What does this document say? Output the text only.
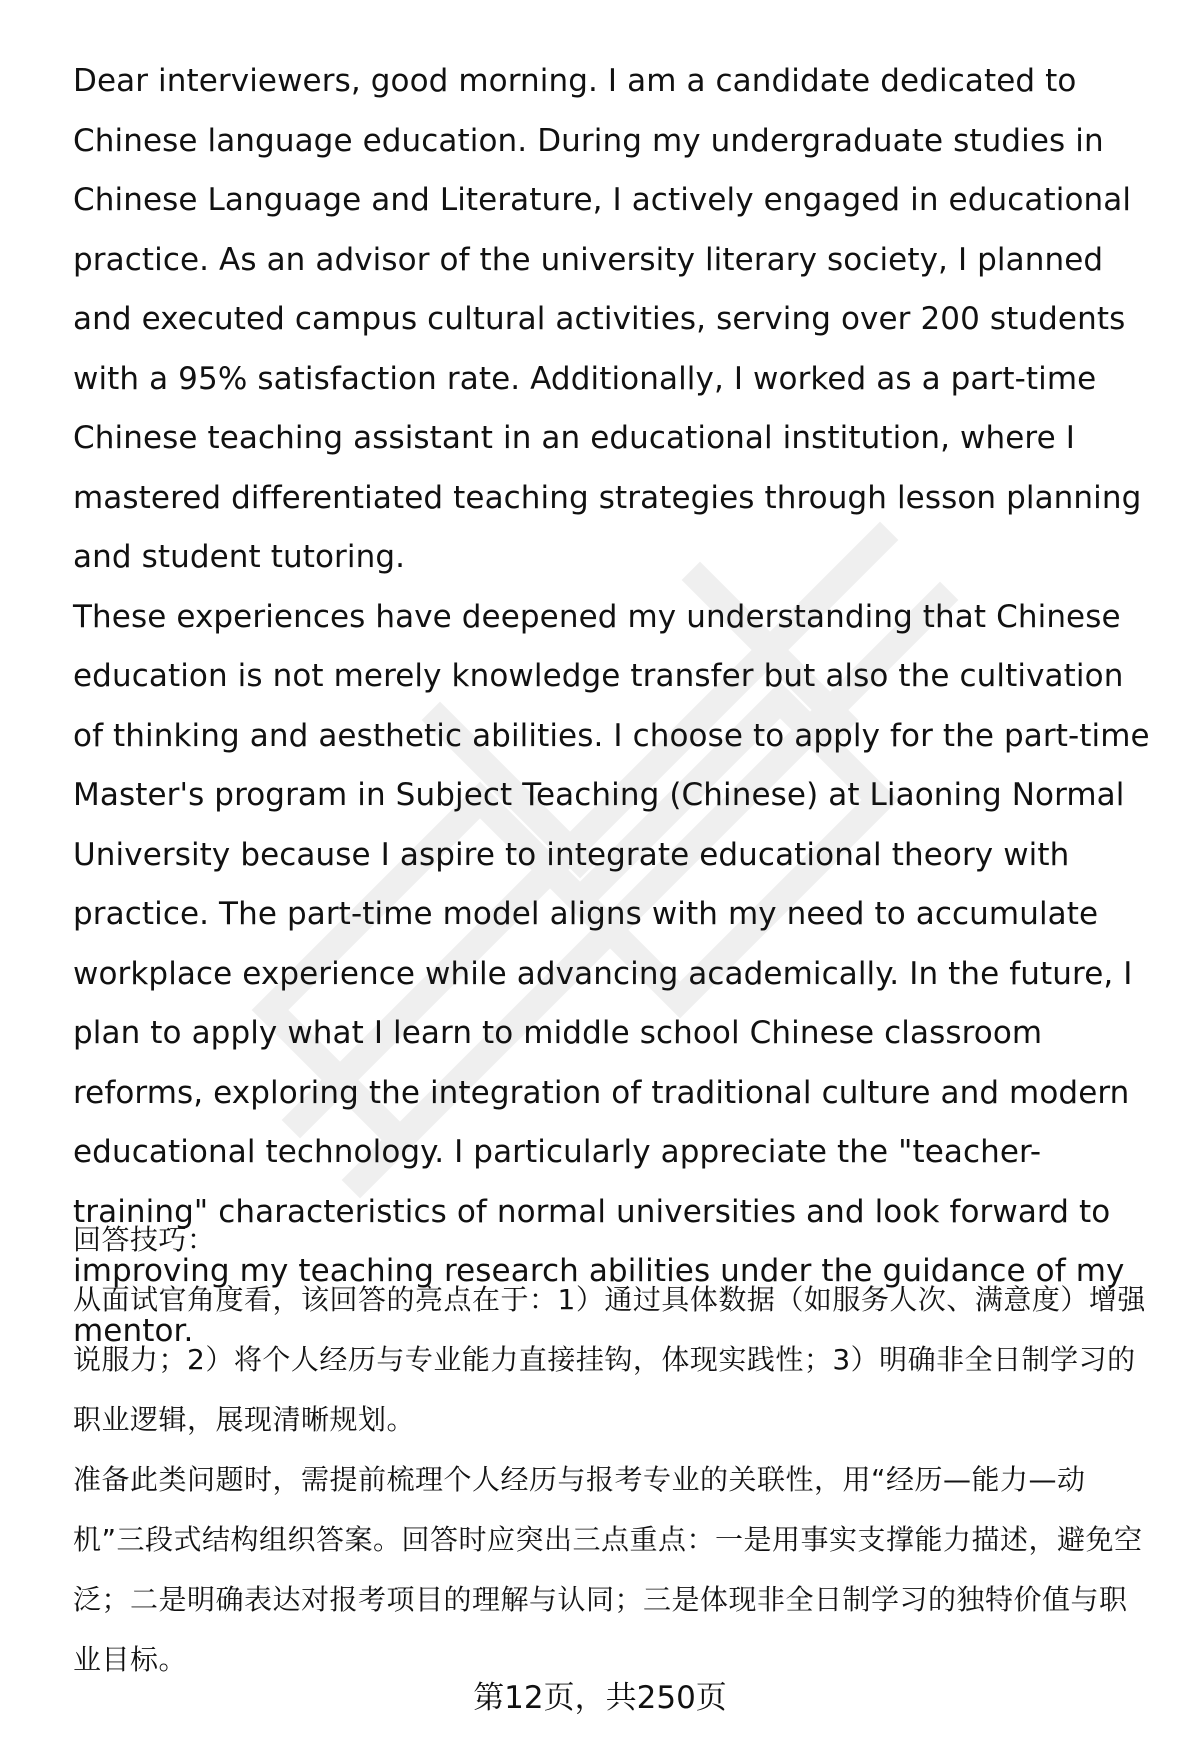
Dear interviewers, good morning. I am a candidate dedicated to Chinese language education. During my undergraduate studies in Chinese Language and Literature, I actively engaged in educational practice. As an advisor of the university literary society, I planned and executed campus cultural activities, serving over 200 students with a 95% satisfaction rate. Additionally, I worked as a part-time Chinese teaching assistant in an educational institution, where I mastered differentiated teaching strategies through lesson planning and student tutoring.

These experiences have deepened my understanding that Chinese education is not merely knowledge transfer but also the cultivation of thinking and aesthetic abilities. I choose to apply for the part-time Master's program in Subject Teaching (Chinese) at Liaoning Normal University because I aspire to integrate educational theory with practice. The part-time model aligns with my need to accumulate workplace experience while advancing academically. In the future, I plan to apply what I learn to middle school Chinese classroom reforms, exploring the integration of traditional culture and modern educational technology. I particularly appreciate the "teacher-training" characteristics of normal universities and look forward to improving my teaching research abilities under the guidance of my mentor.

回答技巧：

从面试官角度看，该回答的亮点在于：1）通过具体数据（如服务人次、满意度）增强说服力；2）将个人经历与专业能力直接挂钩，体现实践性；3）明确非全日制学习的职业逻辑，展现清晰规划。

准备此类问题时，需提前梳理个人经历与报考专业的关联性，用“经历—能力—动机”三段式结构组织答案。回答时应突出三点重点：一是用事实支撑能力描述，避免空泛；二是明确表达对报考项目的理解与认同；三是体现非全日制学习的独特价值与职业目标。

第12页，共250页
